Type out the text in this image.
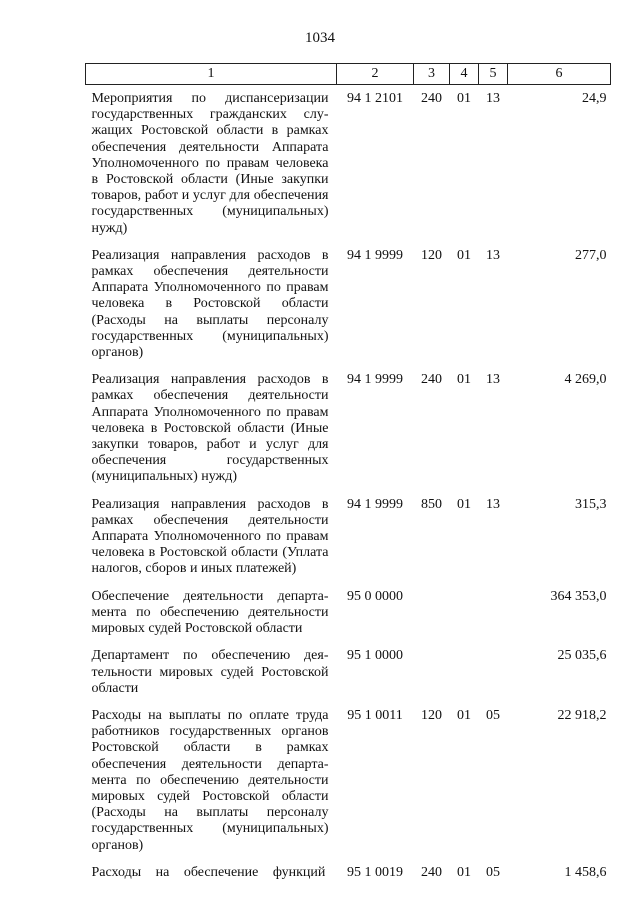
1034
1	2	3	4	5	6
Мероприятия по диспансеризации государственных гражданских служащих Ростовской области в рамках обеспечения деятельности Аппарата Уполномоченного по правам человека в Ростовской области (Иные закупки товаров, работ и услуг для обеспечения государственных (муниципальных) нужд)	94 1 2101	240	01	13	24,9
Реализация направления расходов в рамках обеспечения деятельности Аппарата Уполномоченного по правам человека в Ростовской области (Расходы на выплаты персоналу государственных (муниципальных) органов)	94 1 9999	120	01	13	277,0
Реализация направления расходов в рамках обеспечения деятельности Аппарата Уполномоченного по правам человека в Ростовской области (Иные закупки товаров, работ и услуг для обеспечения государственных (муниципальных) нужд)	94 1 9999	240	01	13	4 269,0
Реализация направления расходов в рамках обеспечения деятельности Аппарата Уполномоченного по правам человека в Ростовской области (Уплата налогов, сборов и иных платежей)	94 1 9999	850	01	13	315,3
Обеспечение деятельности департамента по обеспечению деятельности мировых судей Ростовской области	95 0 0000				364 353,0
Департамент по обеспечению деятельности мировых судей Ростовской области	95 1 0000				25 035,6
Расходы на выплаты по оплате труда работников государственных органов Ростовской области в рамках обеспечения деятельности департамента по обеспечению деятельности мировых судей Ростовской области (Расходы на выплаты персоналу государственных (муниципальных) органов)	95 1 0011	120	01	05	22 918,2
Расходы на обеспечение функций	95 1 0019	240	01	05	1 458,6
